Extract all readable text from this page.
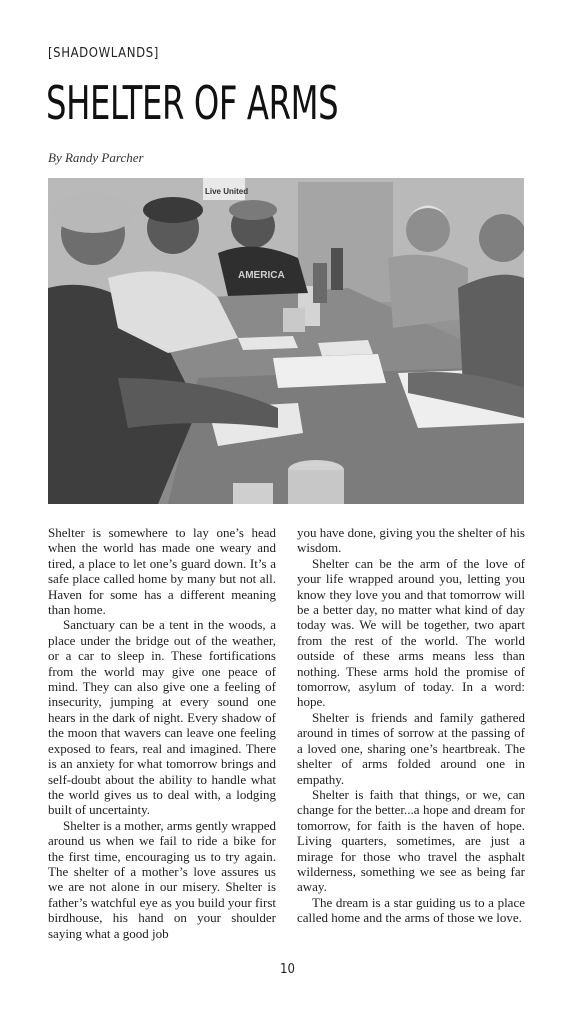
[SHADOWLANDS]
SHELTER OF ARMS
By Randy Parcher
Live United
AMERICA

Shelter is somewhere to lay one’s head when the world has made one weary and tired, a place to let one’s guard down. It’s a safe place called home by many but not all. Haven for some has a different meaning than home.

Sanctuary can be a tent in the woods, a place under the bridge out of the weather, or a car to sleep in. These fortifications from the world may give one peace of mind. They can also give one a feeling of insecurity, jumping at every sound one hears in the dark of night. Every shadow of the moon that wavers can leave one feeling exposed to fears, real and imagined. There is an anxiety for what tomorrow brings and self-doubt about the ability to handle what the world gives us to deal with, a lodging built of uncertainty.

Shelter is a mother, arms gently wrapped around us when we fail to ride a bike for the first time, encouraging us to try again. The shelter of a mother’s love assures us we are not alone in our misery. Shelter is father’s watchful eye as you build your first birdhouse, his hand on your shoulder saying what a good job

you have done, giving you the shelter of his wisdom.

Shelter can be the arm of the love of your life wrapped around you, letting you know they love you and that tomorrow will be a better day, no matter what kind of day today was. We will be together, two apart from the rest of the world. The world outside of these arms means less than nothing. These arms hold the promise of tomorrow, asylum of today. In a word: hope.

Shelter is friends and family gathered around in times of sorrow at the passing of a loved one, sharing one’s heartbreak. The shelter of arms folded around one in empathy.

Shelter is faith that things, or we, can change for the better...a hope and dream for tomorrow, for faith is the haven of hope. Living quarters, sometimes, are just a mirage for those who travel the asphalt wilderness, something we see as being far away.

The dream is a star guiding us to a place called home and the arms of those we love.

10
